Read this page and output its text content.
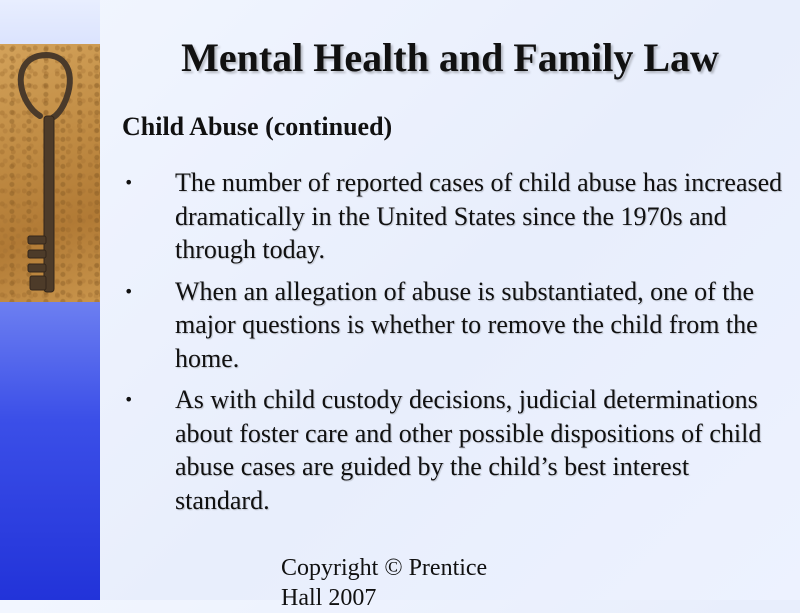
Mental Health and Family Law
Child Abuse (continued)
• The number of reported cases of child abuse has increased dramatically in the United States since the 1970s and through today.
• When an allegation of abuse is substantiated, one of the major questions is whether to remove the child from the home.
• As with child custody decisions, judicial determinations about foster care and other possible dispositions of child abuse cases are guided by the child’s best interest standard.
Copyright © Prentice Hall 2007
